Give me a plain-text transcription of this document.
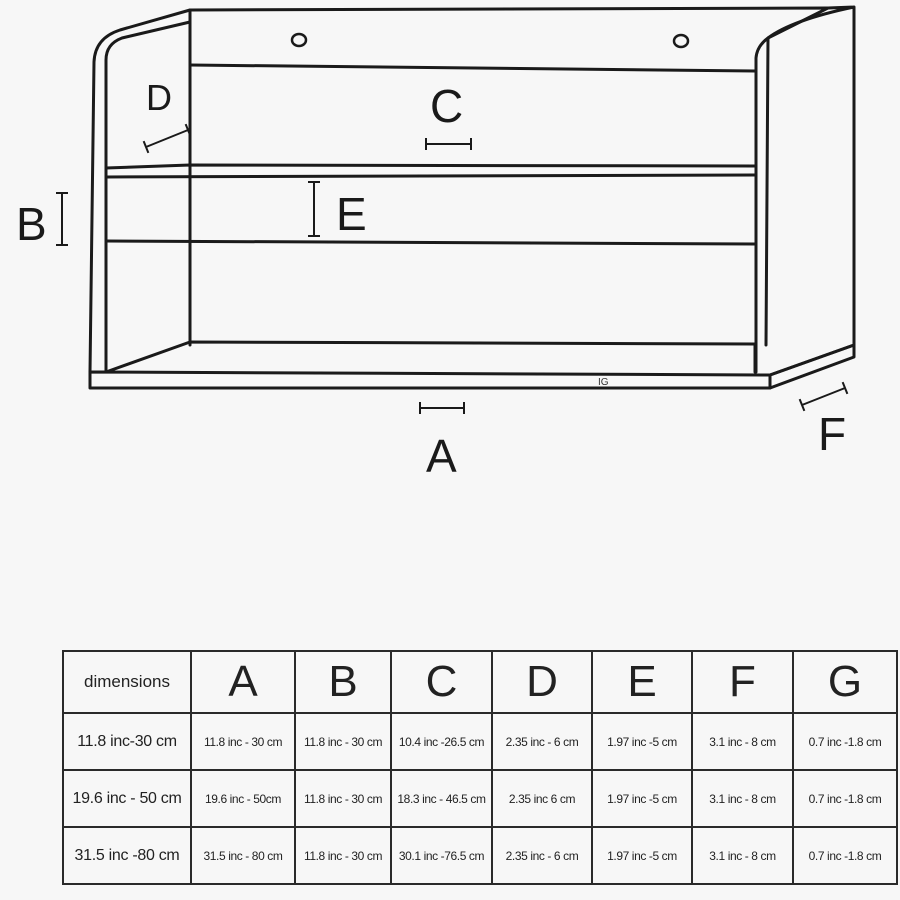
A
B
C
D
E
F
IG
dimensions	A	B	C	D	E	F	G
11.8 inc-30 cm	11.8 inc - 30 cm	11.8 inc - 30 cm	10.4 inc -26.5 cm	2.35 inc - 6 cm	1.97 inc -5 cm	3.1 inc - 8 cm	0.7 inc -1.8 cm
19.6 inc - 50 cm	19.6 inc - 50cm	11.8 inc - 30 cm	18.3 inc - 46.5 cm	2.35 inc 6 cm	1.97 inc -5 cm	3.1 inc - 8 cm	0.7 inc -1.8 cm
31.5 inc -80 cm	31.5 inc - 80 cm	11.8 inc - 30 cm	30.1 inc -76.5 cm	2.35 inc - 6 cm	1.97 inc -5 cm	3.1 inc - 8 cm	0.7 inc -1.8 cm
